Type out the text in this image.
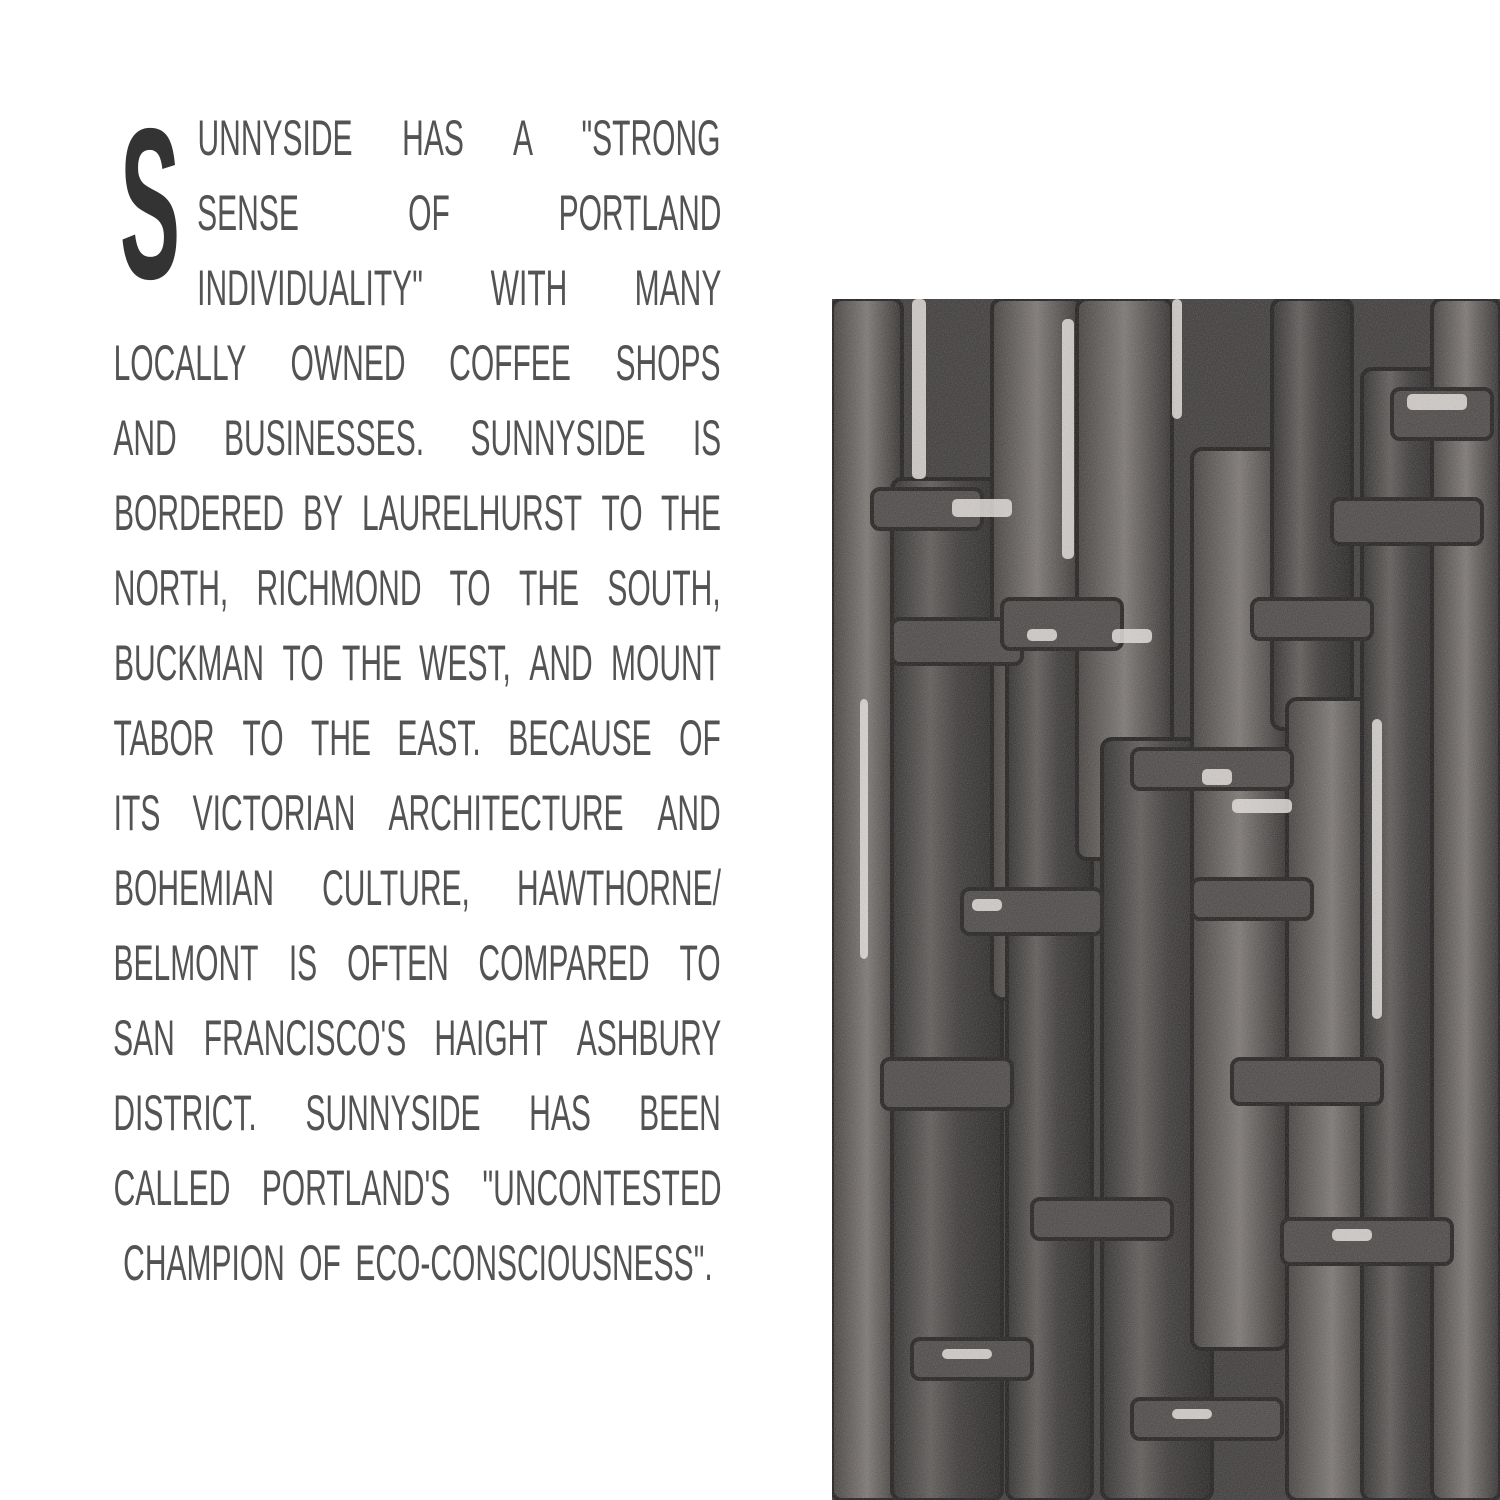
S UNNYSIDE HAS A "STRONG
SENSE OF PORTLAND
INDIVIDUALITY" WITH MANY
LOCALLY OWNED COFFEE SHOPS
AND BUSINESSES. SUNNYSIDE IS
BORDERED BY LAURELHURST TO THE
NORTH, RICHMOND TO THE SOUTH,
BUCKMAN TO THE WEST, AND MOUNT
TABOR TO THE EAST. BECAUSE OF
ITS VICTORIAN ARCHITECTURE AND
BOHEMIAN CULTURE, HAWTHORNE/
BELMONT IS OFTEN COMPARED TO
SAN FRANCISCO'S HAIGHT ASHBURY
DISTRICT. SUNNYSIDE HAS BEEN
CALLED PORTLAND'S "UNCONTESTED
CHAMPION OF ECO-CONSCIOUSNESS".
